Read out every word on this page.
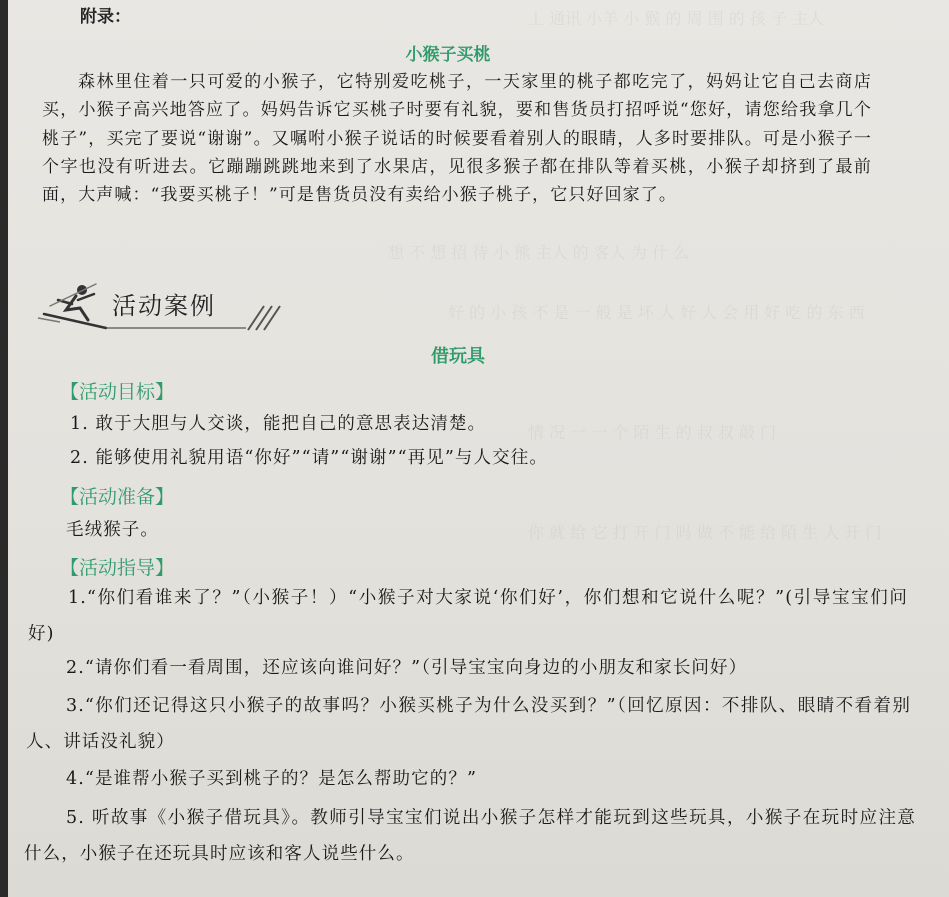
丄 通讯 小羊 小 猴 的 周 围 的 孩 子 主人
想 不 想 招 待 小 熊 主人 的 客人 为 什 么
好 的 小 孩 不 是 一 般 是 坏 人 好 人 会 用 好 吃 的 东 西
情 况 一 一 个 陌 生 的 叔 叔 敲 门
你 就 给 它 打 开 门 吗 做 不 能 给 陌 生 人 开 门
附录：
小猴子买桃
森林里住着一只可爱的小猴子，它特别爱吃桃子，一天家里的桃子都吃完了，妈妈让它自己去商店买，小猴子高兴地答应了。妈妈告诉它买桃子时要有礼貌，要和售货员打招呼说“您好，请您给我拿几个桃子”，买完了要说“谢谢”。又嘱咐小猴子说话的时候要看着别人的眼睛，人多时要排队。可是小猴子一个字也没有听进去。它蹦蹦跳跳地来到了水果店，见很多猴子都在排队等着买桃，小猴子却挤到了最前面，大声喊：“我要买桃子！”可是售货员没有卖给小猴子桃子，它只好回家了。
活动案例
借玩具
【活动目标】
1. 敢于大胆与人交谈，能把自己的意思表达清楚。
2. 能够使用礼貌用语“你好”“请”“谢谢”“再见”与人交往。
【活动准备】
毛绒猴子。
【活动指导】
1.“你们看谁来了？”（小猴子！）“小猴子对大家说‘你们好’，你们想和它说什么呢？”(引导宝宝们问好)
2.“请你们看一看周围，还应该向谁问好？”（引导宝宝向身边的小朋友和家长问好）
3.“你们还记得这只小猴子的故事吗？小猴买桃子为什么没买到？”（回忆原因：不排队、眼睛不看着别人、讲话没礼貌）
4.“是谁帮小猴子买到桃子的？是怎么帮助它的？”
5. 听故事《小猴子借玩具》。教师引导宝宝们说出小猴子怎样才能玩到这些玩具，小猴子在玩时应注意什么，小猴子在还玩具时应该和客人说些什么。
